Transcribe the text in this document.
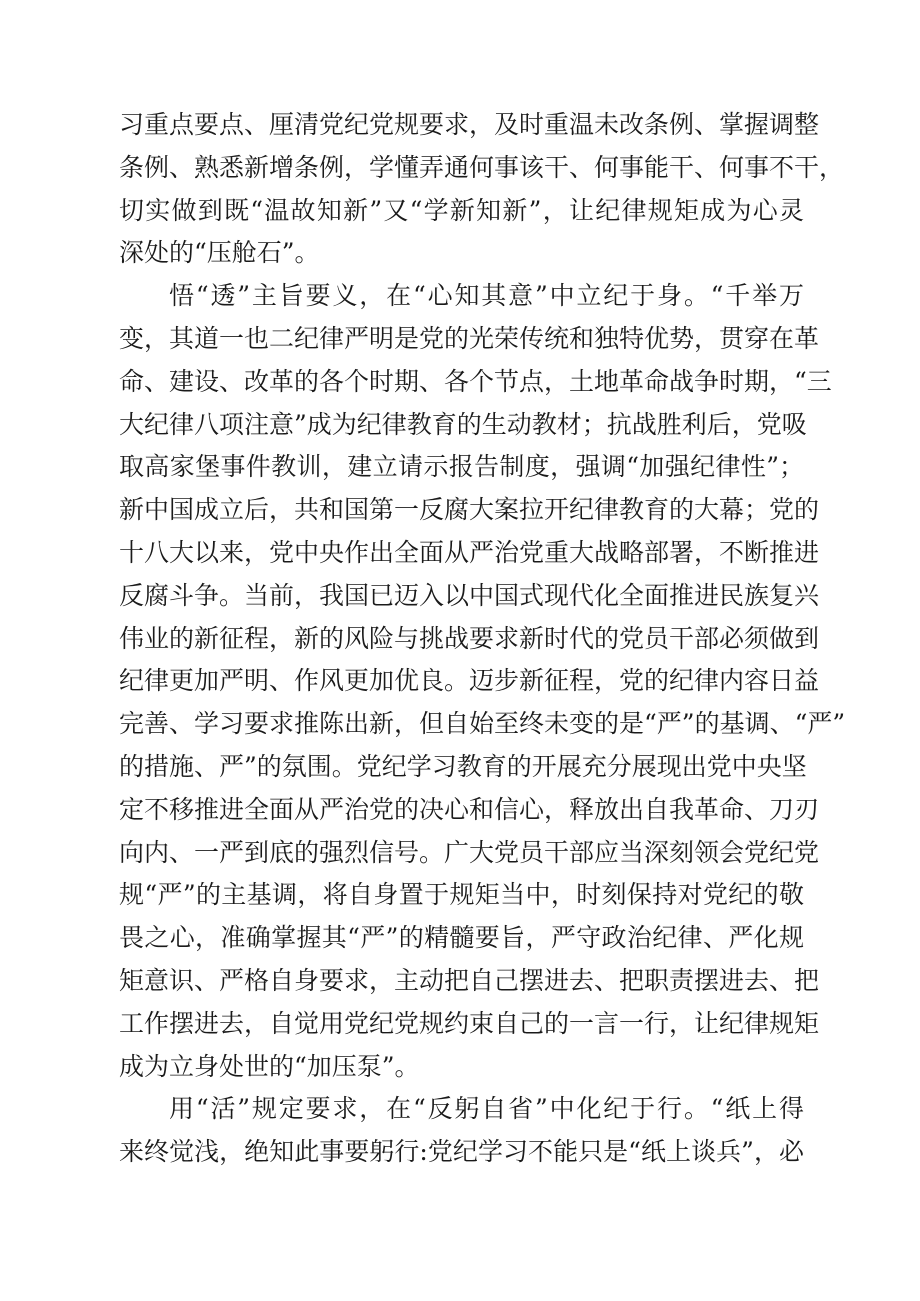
习重点要点、厘清党纪党规要求，及时重温未改条例、掌握调整
条例、熟悉新增条例，学懂弄通何事该干、何事能干、何事不干，
切实做到既“温故知新”又“学新知新”，让纪律规矩成为心灵
深处的“压舱石”。
悟“透”主旨要义，在“心知其意”中立纪于身。“千举万
变，其道一也二纪律严明是党的光荣传统和独特优势，贯穿在革
命、建设、改革的各个时期、各个节点，土地革命战争时期，“三
大纪律八项注意”成为纪律教育的生动教材；抗战胜利后，党吸
取高家堡事件教训，建立请示报告制度，强调“加强纪律性”；
新中国成立后，共和国第一反腐大案拉开纪律教育的大幕；党的
十八大以来，党中央作出全面从严治党重大战略部署，不断推进
反腐斗争。当前，我国已迈入以中国式现代化全面推进民族复兴
伟业的新征程，新的风险与挑战要求新时代的党员干部必须做到
纪律更加严明、作风更加优良。迈步新征程，党的纪律内容日益
完善、学习要求推陈出新，但自始至终未变的是“严”的基调、“严”
的措施、严”的氛围。党纪学习教育的开展充分展现出党中央坚
定不移推进全面从严治党的决心和信心，释放出自我革命、刀刃
向内、一严到底的强烈信号。广大党员干部应当深刻领会党纪党
规“严”的主基调，将自身置于规矩当中，时刻保持对党纪的敬
畏之心，准确掌握其“严”的精髓要旨，严守政治纪律、严化规
矩意识、严格自身要求，主动把自己摆进去、把职责摆进去、把
工作摆进去，自觉用党纪党规约束自己的一言一行，让纪律规矩
成为立身处世的“加压泵”。
用“活”规定要求，在“反躬自省”中化纪于行。“纸上得
来终觉浅，绝知此事要躬行:党纪学习不能只是“纸上谈兵”，必
